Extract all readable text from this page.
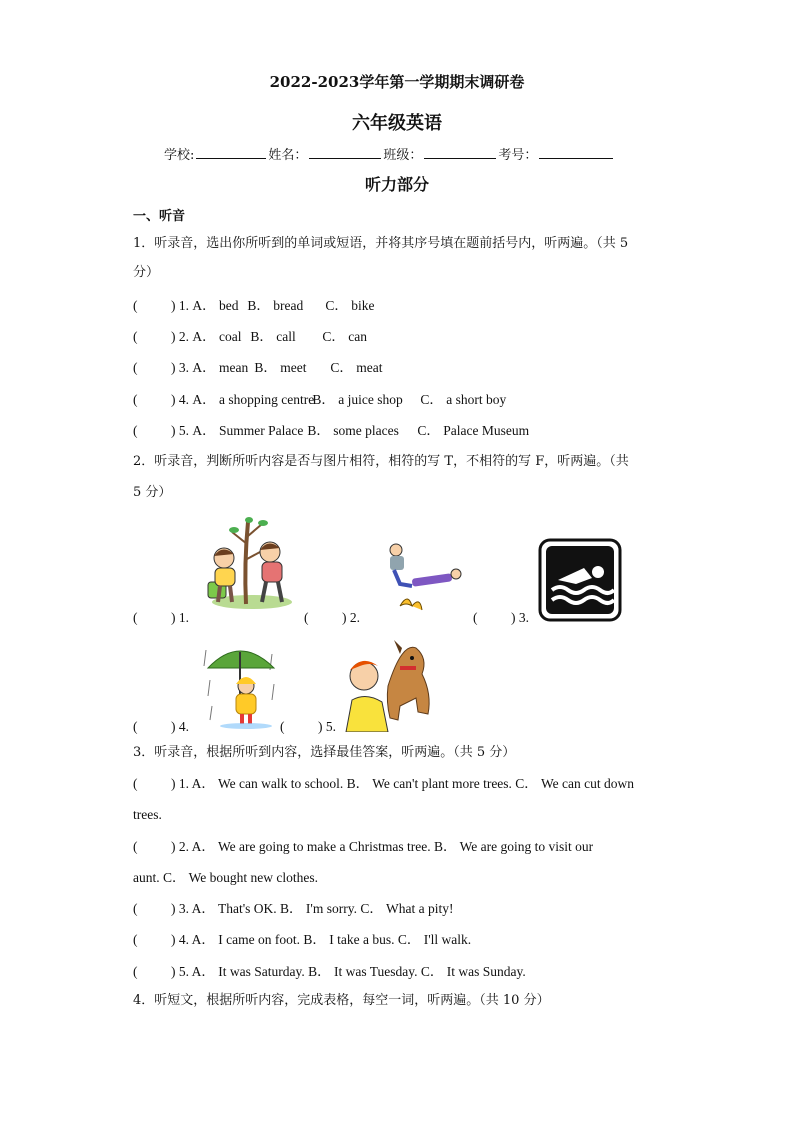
2022-2023学年第一学期期末调研卷
六年级英语
学校:	姓名：	班级：	考号：
听力部分
一、听音
1．听录音，选出你所听到的单词或短语，并将其序号填在题前括号内，听两遍。（共 5
分）
( ) 1. A． bed B． bread C． bike
( ) 2. A． coal B． call C． can
( ) 3. A． mean B． meet C． meat
( ) 4. A． a shopping centreB． a juice shop C． a short boy
( ) 5. A． Summer Palace B． some places C． Palace Museum
2．听录音，判断所听内容是否与图片相符，相符的写 T，不相符的写 F，听两遍。（共
5 分）
( ) 1.	( ) 2.	( ) 3.
( ) 4.	( ) 5.
3．听录音，根据所听到内容，选择最佳答案，听两遍。（共 5 分）
( ) 1. A． We can walk to school. B． We can't plant more trees. C． We can cut down
trees.
( ) 2. A． We are going to make a Christmas tree. B． We are going to visit our
aunt. C． We bought new clothes.
( ) 3. A． That's OK. B． I'm sorry. C． What a pity!
( ) 4. A． I came on foot. B． I take a bus. C． I'll walk.
( ) 5. A． It was Saturday. B． It was Tuesday. C． It was Sunday.
4．听短文，根据所听内容，完成表格，每空一词，听两遍。（共 10 分）
